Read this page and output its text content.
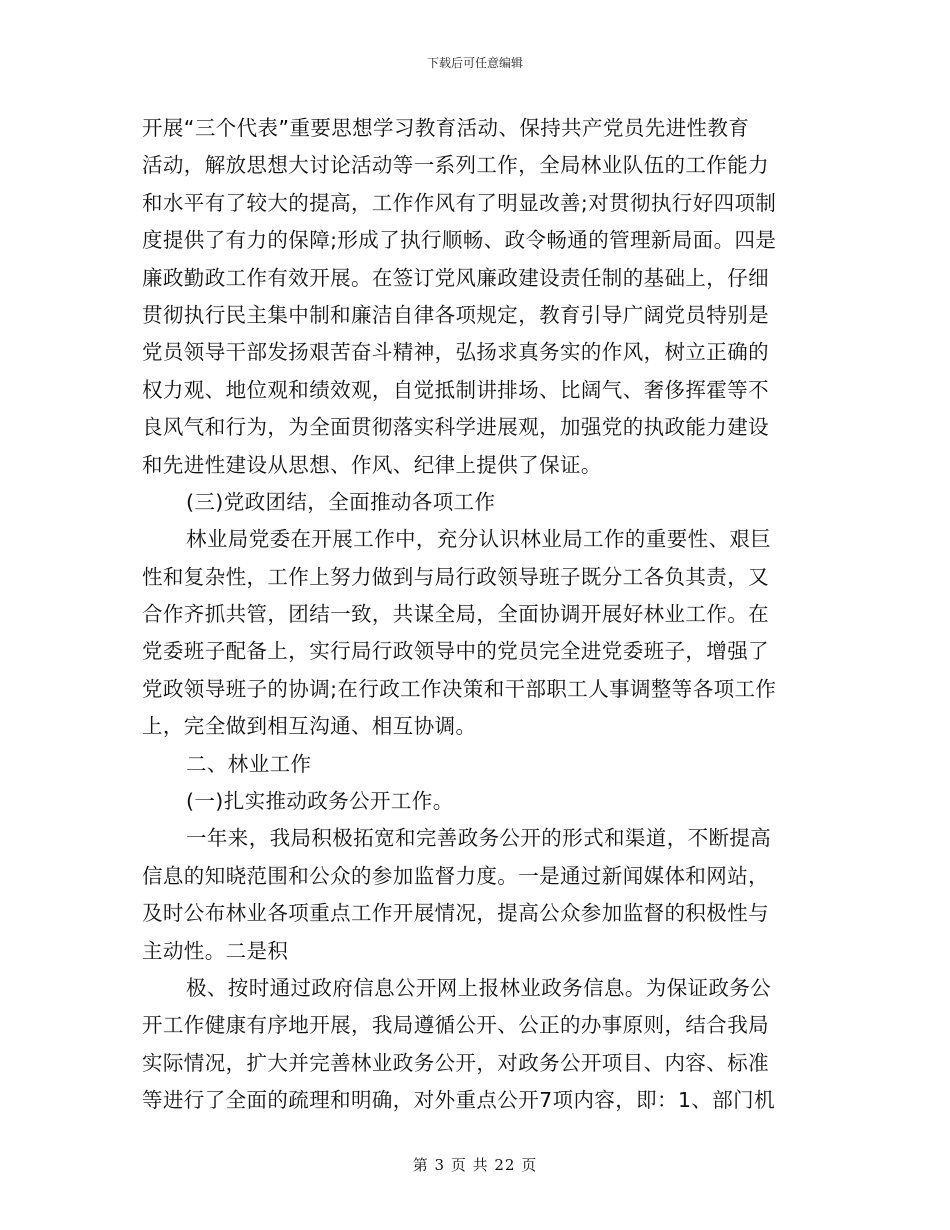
下载后可任意编辑
开展“三个代表”重要思想学习教育活动、保持共产党员先进性教育
活动，解放思想大讨论活动等一系列工作，全局林业队伍的工作能力
和水平有了较大的提高，工作作风有了明显改善;对贯彻执行好四项制
度提供了有力的保障;形成了执行顺畅、政令畅通的管理新局面。四是
廉政勤政工作有效开展。在签订党风廉政建设责任制的基础上，仔细
贯彻执行民主集中制和廉洁自律各项规定，教育引导广阔党员特别是
党员领导干部发扬艰苦奋斗精神，弘扬求真务实的作风，树立正确的
权力观、地位观和绩效观，自觉抵制讲排场、比阔气、奢侈挥霍等不
良风气和行为，为全面贯彻落实科学进展观，加强党的执政能力建设
和先进性建设从思想、作风、纪律上提供了保证。
(三)党政团结，全面推动各项工作
林业局党委在开展工作中，充分认识林业局工作的重要性、艰巨
性和复杂性，工作上努力做到与局行政领导班子既分工各负其责，又
合作齐抓共管，团结一致，共谋全局，全面协调开展好林业工作。在
党委班子配备上，实行局行政领导中的党员完全进党委班子，增强了
党政领导班子的协调;在行政工作决策和干部职工人事调整等各项工作
上，完全做到相互沟通、相互协调。
二、林业工作
(一)扎实推动政务公开工作。
一年来，我局积极拓宽和完善政务公开的形式和渠道，不断提高
信息的知晓范围和公众的参加监督力度。一是通过新闻媒体和网站，
及时公布林业各项重点工作开展情况，提高公众参加监督的积极性与
主动性。二是积
极、按时通过政府信息公开网上报林业政务信息。为保证政务公
开工作健康有序地开展，我局遵循公开、公正的办事原则，结合我局
实际情况，扩大并完善林业政务公开，对政务公开项目、内容、标准
等进行了全面的疏理和明确，对外重点公开7项内容，即：1、部门机
第 3 页 共 22 页
